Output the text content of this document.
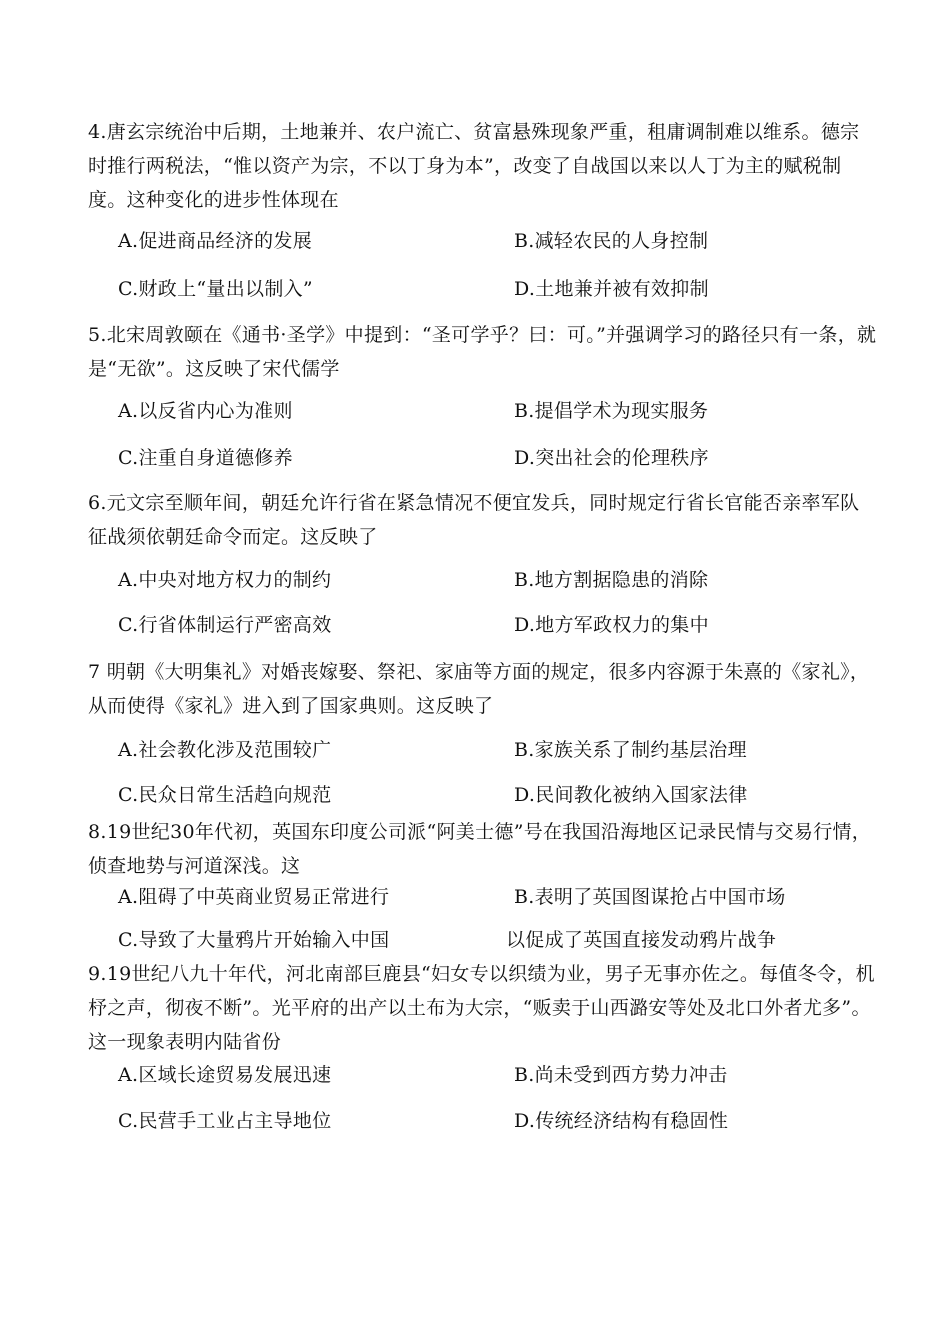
4.唐玄宗统治中后期，土地兼并、农户流亡、贫富悬殊现象严重，租庸调制难以维系。德宗时推行两税法，“惟以资产为宗，不以丁身为本”，改变了自战国以来以人丁为主的赋税制度。这种变化的进步性体现在

A.促进商品经济的发展	B.减轻农民的人身控制
C.财政上“量出以制入”	D.土地兼并被有效抑制

5.北宋周敦颐在《通书·圣学》中提到：“圣可学乎？曰：可。”并强调学习的路径只有一条，就是“无欲”。这反映了宋代儒学

A.以反省内心为准则	B.提倡学术为现实服务
C.注重自身道德修养	D.突出社会的伦理秩序

6.元文宗至顺年间，朝廷允许行省在紧急情况不便宜发兵，同时规定行省长官能否亲率军队征战须依朝廷命令而定。这反映了

A.中央对地方权力的制约	B.地方割据隐患的消除
C.行省体制运行严密高效	D.地方军政权力的集中

7 明朝《大明集礼》对婚丧嫁娶、祭祀、家庙等方面的规定，很多内容源于朱熹的《家礼》，从而使得《家礼》进入到了国家典则。这反映了

A.社会教化涉及范围较广	B.家族关系了制约基层治理
C.民众日常生活趋向规范	D.民间教化被纳入国家法律

8.19世纪30年代初，英国东印度公司派“阿美士德”号在我国沿海地区记录民情与交易行情，侦查地势与河道深浅。这

A.阻碍了中英商业贸易正常进行	B.表明了英国图谋抢占中国市场
C.导致了大量鸦片开始输入中国	以促成了英国直接发动鸦片战争

9.19世纪八九十年代，河北南部巨鹿县“妇女专以织绩为业，男子无事亦佐之。每值冬令，机杼之声，彻夜不断”。光平府的出产以土布为大宗，“贩卖于山西潞安等处及北口外者尤多”。这一现象表明内陆省份

A.区域长途贸易发展迅速	B.尚未受到西方势力冲击
C.民营手工业占主导地位	D.传统经济结构有稳固性
